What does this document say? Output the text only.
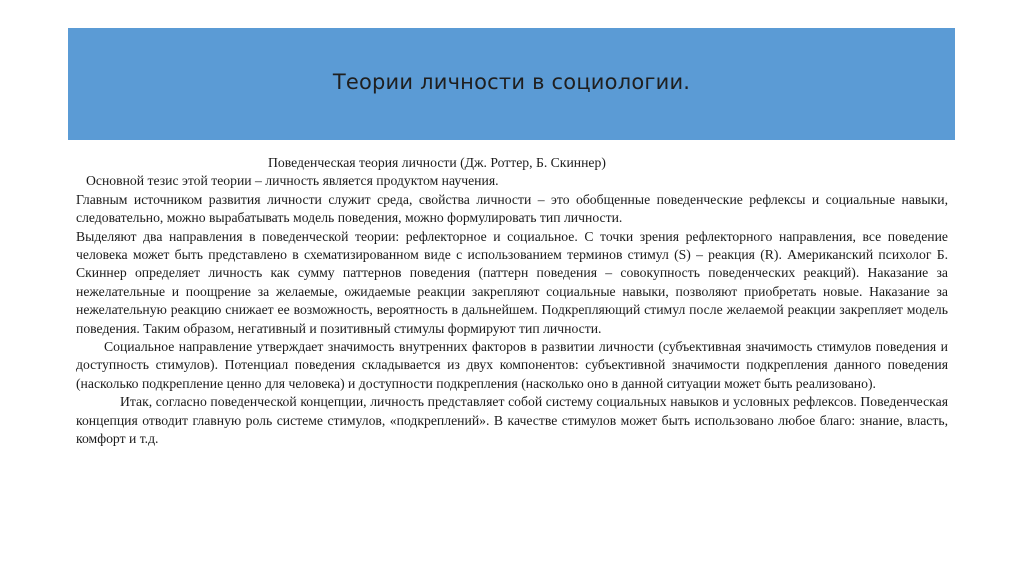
Теории личности в социологии.

Поведенческая теория личности (Дж. Роттер, Б. Скиннер)

Основной тезис этой теории – личность является продуктом научения.

Главным источником развития личности служит среда, свойства личности – это обобщенные поведенческие рефлексы и социальные навыки, следовательно, можно вырабатывать модель поведения, можно формулировать тип личности.

Выделяют два направления в поведенческой теории: рефлекторное и социальное. С точки зрения рефлекторного направления, все поведение человека может быть представлено в схематизированном виде с использованием терминов стимул (S) – реакция (R). Американский психолог Б. Скиннер определяет личность как сумму паттернов поведения (паттерн поведения – совокупность поведенческих реакций). Наказание за нежелательные и поощрение за желаемые, ожидаемые реакции закрепляют социальные навыки, позволяют приобретать новые. Наказание за нежелательную реакцию снижает ее возможность, вероятность в дальнейшем. Подкрепляющий стимул после желаемой реакции закрепляет модель поведения. Таким образом, негативный и позитивный стимулы формируют тип личности.

Социальное направление утверждает значимость внутренних факторов в развитии личности (субъективная значимость стимулов поведения и доступность стимулов). Потенциал поведения складывается из двух компонентов: субъективной значимости подкрепления данного поведения (насколько подкрепление ценно для человека) и доступности подкрепления (насколько оно в данной ситуации может быть реализовано).

Итак, согласно поведенческой концепции, личность представляет собой систему социальных навыков и условных рефлексов. Поведенческая концепция отводит главную роль системе стимулов, «подкреплений». В качестве стимулов может быть использовано любое благо: знание, власть, комфорт и т.д.
